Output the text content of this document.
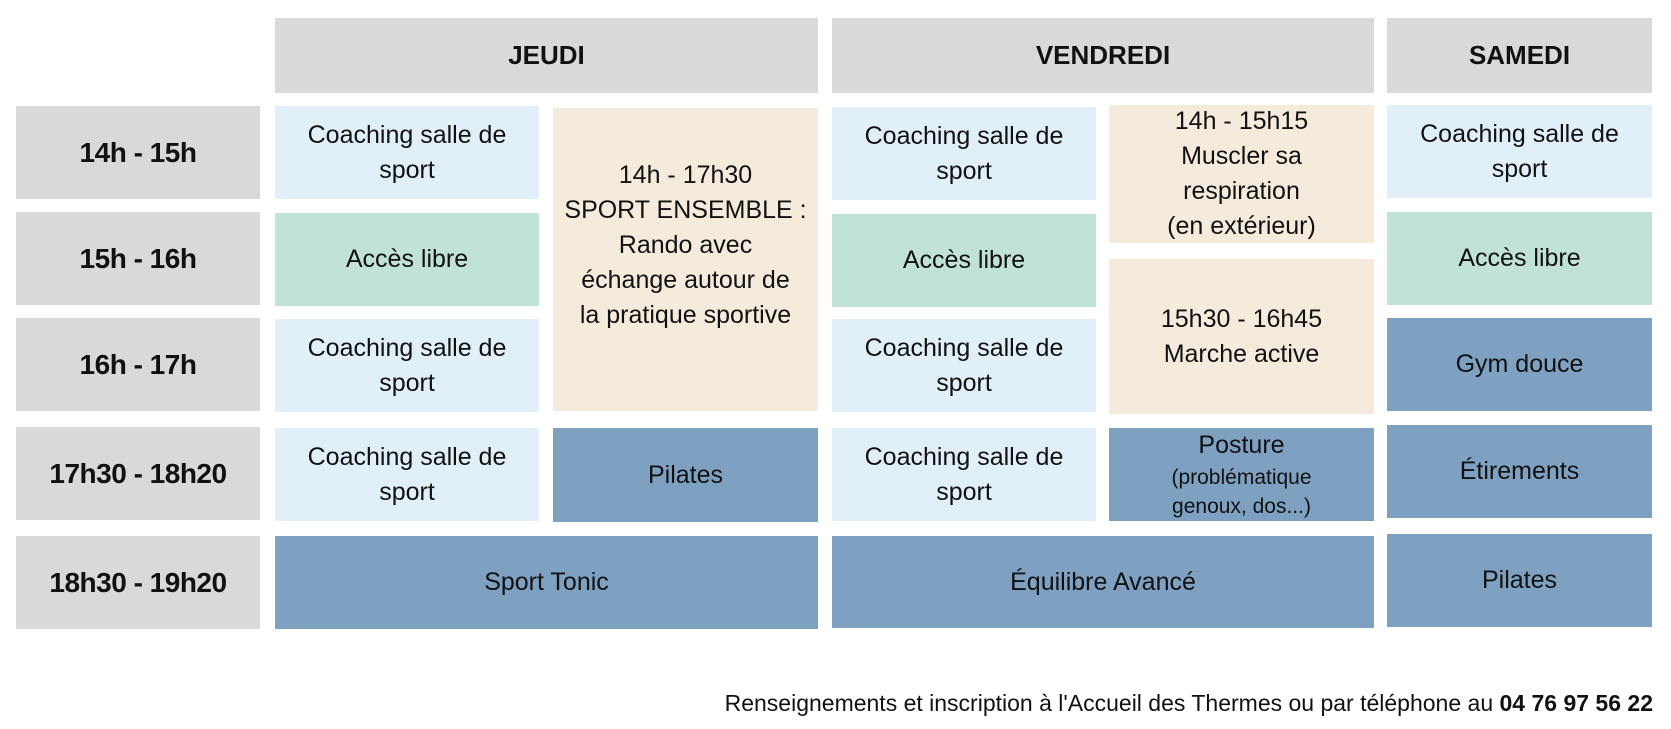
JEUDI	VENDREDI	SAMEDI
14h - 15h
15h - 16h
16h - 17h
17h30 - 18h20
18h30 - 19h20
Coaching salle de
sport
Accès libre
Coaching salle de
sport
Coaching salle de
sport
14h - 17h30
SPORT ENSEMBLE :
Rando avec
échange autour de
la pratique sportive
Pilates
Sport Tonic
Coaching salle de
sport
Accès libre
Coaching salle de
sport
Coaching salle de
sport
14h - 15h15
Muscler sa
respiration
(en extérieur)
15h30 - 16h45
Marche active
Posture
(problématique
genoux, dos...)
Équilibre Avancé
Coaching salle de
sport
Accès libre
Gym douce
Étirements
Pilates
Renseignements et inscription à l'Accueil des Thermes ou par téléphone au 04 76 97 56 22
